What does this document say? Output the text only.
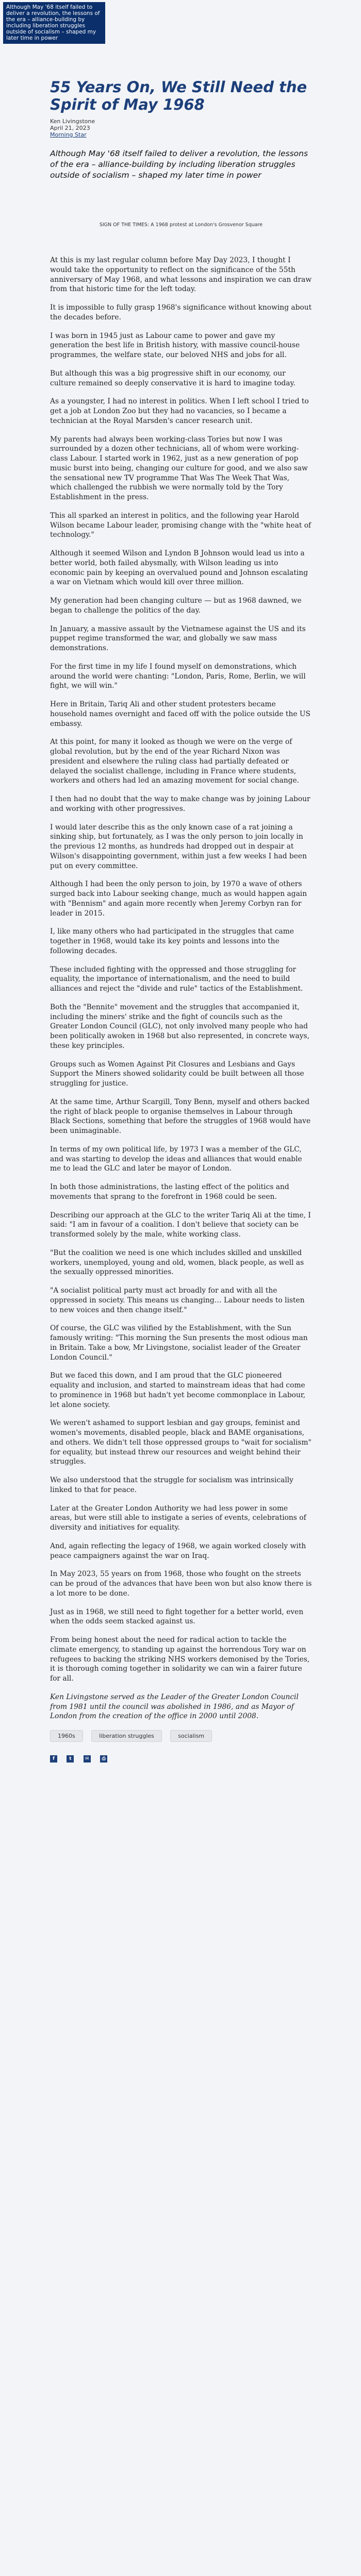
Although May '68 itself failed to deliver a revolution, the lessons of the era – alliance-building by including liberation struggles outside of socialism – shaped my later time in power
55 Years On, We Still Need the Spirit of May 1968
Ken Livingstone
April 21, 2023
Morning Star

Although May '68 itself failed to deliver a revolution, the lessons of the era – alliance-building by including liberation struggles outside of socialism – shaped my later time in power

SIGN OF THE TIMES: A 1968 protest at London's Grosvenor Square

At this is my last regular column before May Day 2023, I thought I would take the opportunity to reflect on the significance of the 55th anniversary of May 1968, and what lessons and inspiration we can draw from that historic time for the left today.

It is impossible to fully grasp 1968's significance without knowing about the decades before.

I was born in 1945 just as Labour came to power and gave my generation the best life in British history, with massive council-house programmes, the welfare state, our beloved NHS and jobs for all.

But although this was a big progressive shift in our economy, our culture remained so deeply conservative it is hard to imagine today.

As a youngster, I had no interest in politics. When I left school I tried to get a job at London Zoo but they had no vacancies, so I became a technician at the Royal Marsden's cancer research unit.

My parents had always been working-class Tories but now I was surrounded by a dozen other technicians, all of whom were working-class Labour. I started work in 1962, just as a new generation of pop music burst into being, changing our culture for good, and we also saw the sensational new TV programme That Was The Week That Was, which challenged the rubbish we were normally told by the Tory Establishment in the press.

This all sparked an interest in politics, and the following year Harold Wilson became Labour leader, promising change with the "white heat of technology."

Although it seemed Wilson and Lyndon B Johnson would lead us into a better world, both failed abysmally, with Wilson leading us into economic pain by keeping an overvalued pound and Johnson escalating a war on Vietnam which would kill over three million.

My generation had been changing culture — but as 1968 dawned, we began to challenge the politics of the day.

In January, a massive assault by the Vietnamese against the US and its puppet regime transformed the war, and globally we saw mass demonstrations.

For the first time in my life I found myself on demonstrations, which around the world were chanting: "London, Paris, Rome, Berlin, we will fight, we will win."

Here in Britain, Tariq Ali and other student protesters became household names overnight and faced off with the police outside the US embassy.

At this point, for many it looked as though we were on the verge of global revolution, but by the end of the year Richard Nixon was president and elsewhere the ruling class had partially defeated or delayed the socialist challenge, including in France where students, workers and others had led an amazing movement for social change.

I then had no doubt that the way to make change was by joining Labour and working with other progressives.

I would later describe this as the only known case of a rat joining a sinking ship, but fortunately, as I was the only person to join locally in the previous 12 months, as hundreds had dropped out in despair at Wilson's disappointing government, within just a few weeks I had been put on every committee.

Although I had been the only person to join, by 1970 a wave of others surged back into Labour seeking change, much as would happen again with "Bennism" and again more recently when Jeremy Corbyn ran for leader in 2015.

I, like many others who had participated in the struggles that came together in 1968, would take its key points and lessons into the following decades.

These included fighting with the oppressed and those struggling for equality, the importance of internationalism, and the need to build alliances and reject the "divide and rule" tactics of the Establishment.

Both the "Bennite" movement and the struggles that accompanied it, including the miners' strike and the fight of councils such as the Greater London Council (GLC), not only involved many people who had been politically awoken in 1968 but also represented, in concrete ways, these key principles.

Groups such as Women Against Pit Closures and Lesbians and Gays Support the Miners showed solidarity could be built between all those struggling for justice.

At the same time, Arthur Scargill, Tony Benn, myself and others backed the right of black people to organise themselves in Labour through Black Sections, something that before the struggles of 1968 would have been unimaginable.

In terms of my own political life, by 1973 I was a member of the GLC, and was starting to develop the ideas and alliances that would enable me to lead the GLC and later be mayor of London.

In both those administrations, the lasting effect of the politics and movements that sprang to the forefront in 1968 could be seen.

Describing our approach at the GLC to the writer Tariq Ali at the time, I said: "I am in favour of a coalition. I don't believe that society can be transformed solely by the male, white working class.

"But the coalition we need is one which includes skilled and unskilled workers, unemployed, young and old, women, black people, as well as the sexually oppressed minorities.

"A socialist political party must act broadly for and with all the oppressed in society. This means us changing… Labour needs to listen to new voices and then change itself."

Of course, the GLC was vilified by the Establishment, with the Sun famously writing: "This morning the Sun presents the most odious man in Britain. Take a bow, Mr Livingstone, socialist leader of the Greater London Council."

But we faced this down, and I am proud that the GLC pioneered equality and inclusion, and started to mainstream ideas that had come to prominence in 1968 but hadn't yet become commonplace in Labour, let alone society.

We weren't ashamed to support lesbian and gay groups, feminist and women's movements, disabled people, black and BAME organisations, and others. We didn't tell those oppressed groups to "wait for socialism" for equality, but instead threw our resources and weight behind their struggles.

We also understood that the struggle for socialism was intrinsically linked to that for peace.

Later at the Greater London Authority we had less power in some areas, but were still able to instigate a series of events, celebrations of diversity and initiatives for equality.

And, again reflecting the legacy of 1968, we again worked closely with peace campaigners against the war on Iraq.

In May 2023, 55 years on from 1968, those who fought on the streets can be proud of the advances that have been won but also know there is a lot more to be done.

Just as in 1968, we still need to fight together for a better world, even when the odds seem stacked against us.

From being honest about the need for radical action to tackle the climate emergency, to standing up against the horrendous Tory war on refugees to backing the striking NHS workers demonised by the Tories, it is thorough coming together in solidarity we can win a fairer future for all.

Ken Livingstone served as the Leader of the Greater London Council from 1981 until the council was abolished in 1986, and as Mayor of London from the creation of the office in 2000 until 2008.

1960s	liberation struggles	socialism
f	t	✉	⎙
